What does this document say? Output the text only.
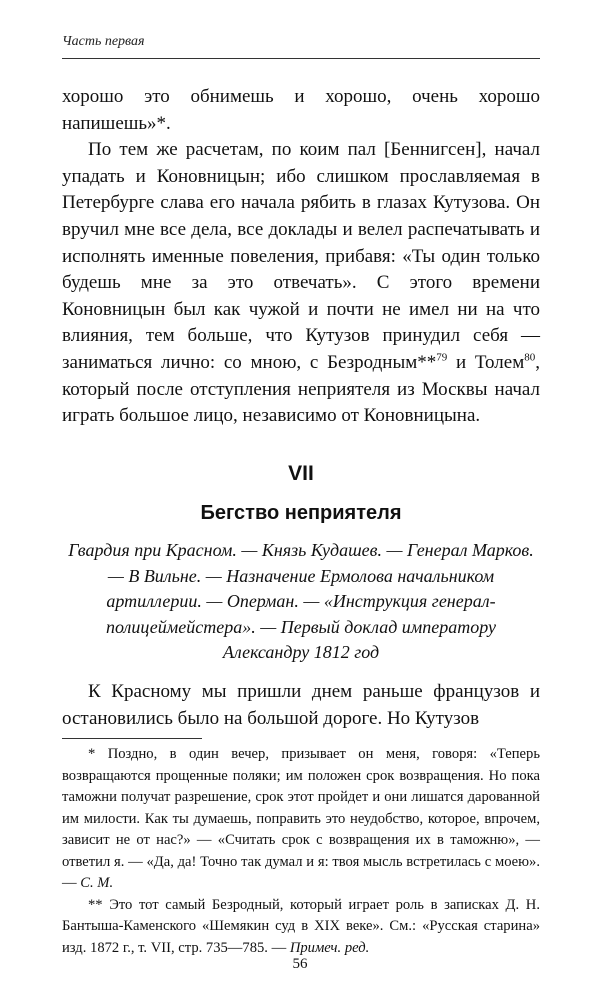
Часть первая

хорошо это обнимешь и хорошо, очень хорошо напишешь»*.

По тем же расчетам, по коим пал [Беннигсен], начал упадать и Коновницын; ибо слишком прославляемая в Петербурге слава его начала рябить в глазах Кутузова. Он вручил мне все дела, все доклады и велел распечатывать и исполнять именные повеления, прибавя: «Ты один только будешь мне за это отвечать». С этого времени Коновницын был как чужой и почти не имел ни на что влияния, тем больше, что Кутузов принудил себя — заниматься лично: со мною, с Безродным**$^{79}$ и Толем$^{80}$, который после отступления неприятеля из Москвы начал играть большое лицо, независимо от Коновницына.

VII
Бегство неприятеля
Гвардия при Красном. — Князь Кудашев. — Генерал Марков. — В Вильне. — Назначение Ермолова начальником артиллерии. — Оперман. — «Инструкция генерал-полицеймейстера». — Первый доклад императору Александру 1812 год

К Красному мы пришли днем раньше французов и остановились было на большой дороге. Но Кутузов

* Поздно, в один вечер, призывает он меня, говоря: «Теперь возвращаются прощенные поляки; им положен срок возвращения. Но пока таможни получат разрешение, срок этот пройдет и они лишатся дарованной им милости. Как ты думаешь, поправить это неудобство, которое, впрочем, зависит не от нас?» — «Считать срок с возвращения их в таможню», — ответил я. — «Да, да! Точно так думал и я: твоя мысль встретилась с моею». — С. М.

** Это тот самый Безродный, который играет роль в записках Д. Н. Бантыша-Каменского «Шемякин суд в XIX веке». См.: «Русская старина» изд. 1872 г., т. VII, стр. 735—785. — Примеч. ред.

56
